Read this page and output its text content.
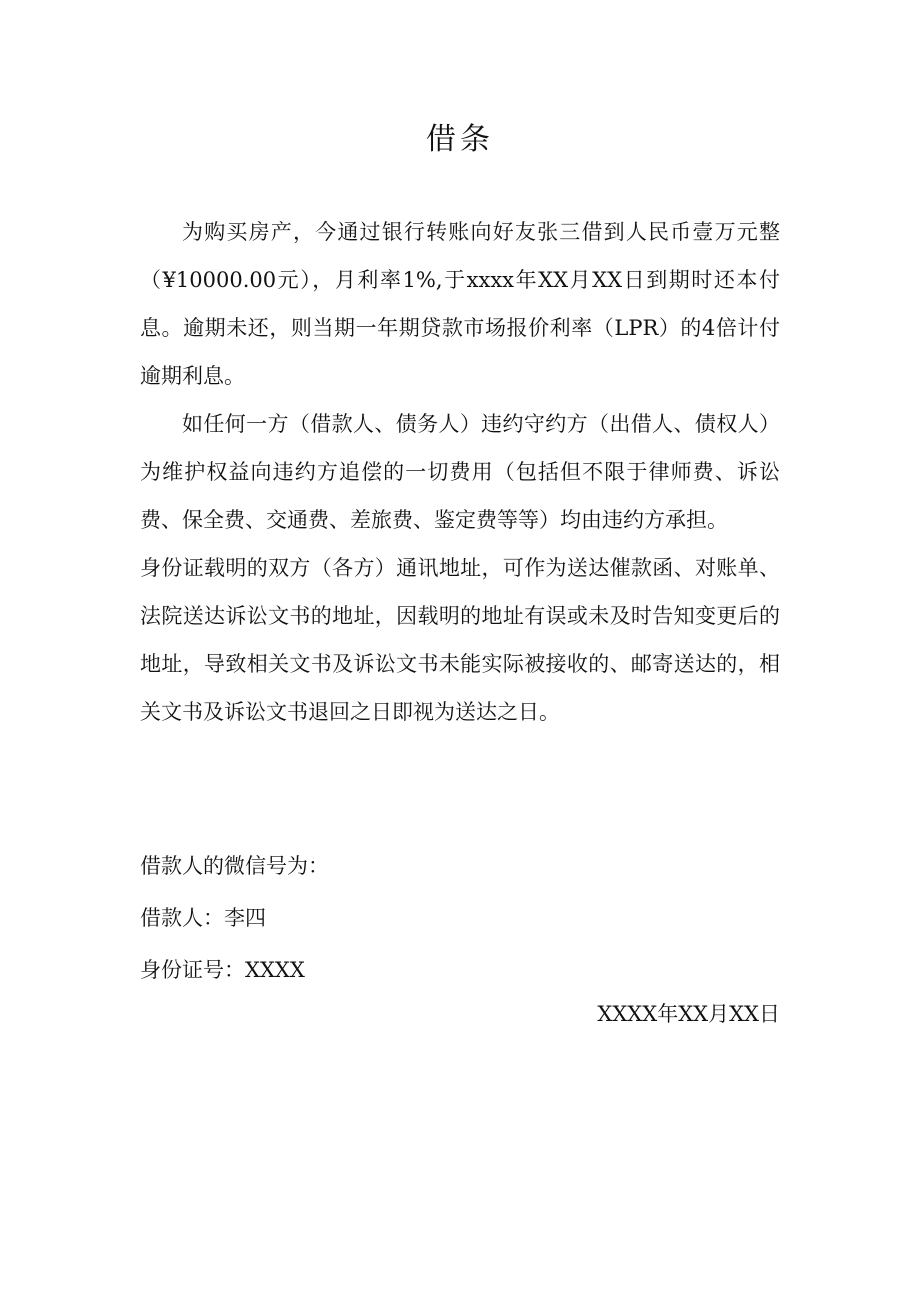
借条

为购买房产，今通过银行转账向好友张三借到人民币壹万元整（¥10000.00元），月利率1%,于xxxx年XX月XX日到期时还本付息。逾期未还，则当期一年期贷款市场报价利率（LPR）的4倍计付逾期利息。

如任何一方（借款人、债务人）违约守约方（出借人、债权人）为维护权益向违约方追偿的一切费用（包括但不限于律师费、诉讼费、保全费、交通费、差旅费、鉴定费等等）均由违约方承担。

身份证载明的双方（各方）通讯地址，可作为送达催款函、对账单、法院送达诉讼文书的地址，因载明的地址有误或未及时告知变更后的地址，导致相关文书及诉讼文书未能实际被接收的、邮寄送达的，相关文书及诉讼文书退回之日即视为送达之日。

借款人的微信号为：

借款人：李四

身份证号：XXXX

XXXX年XX月XX日
